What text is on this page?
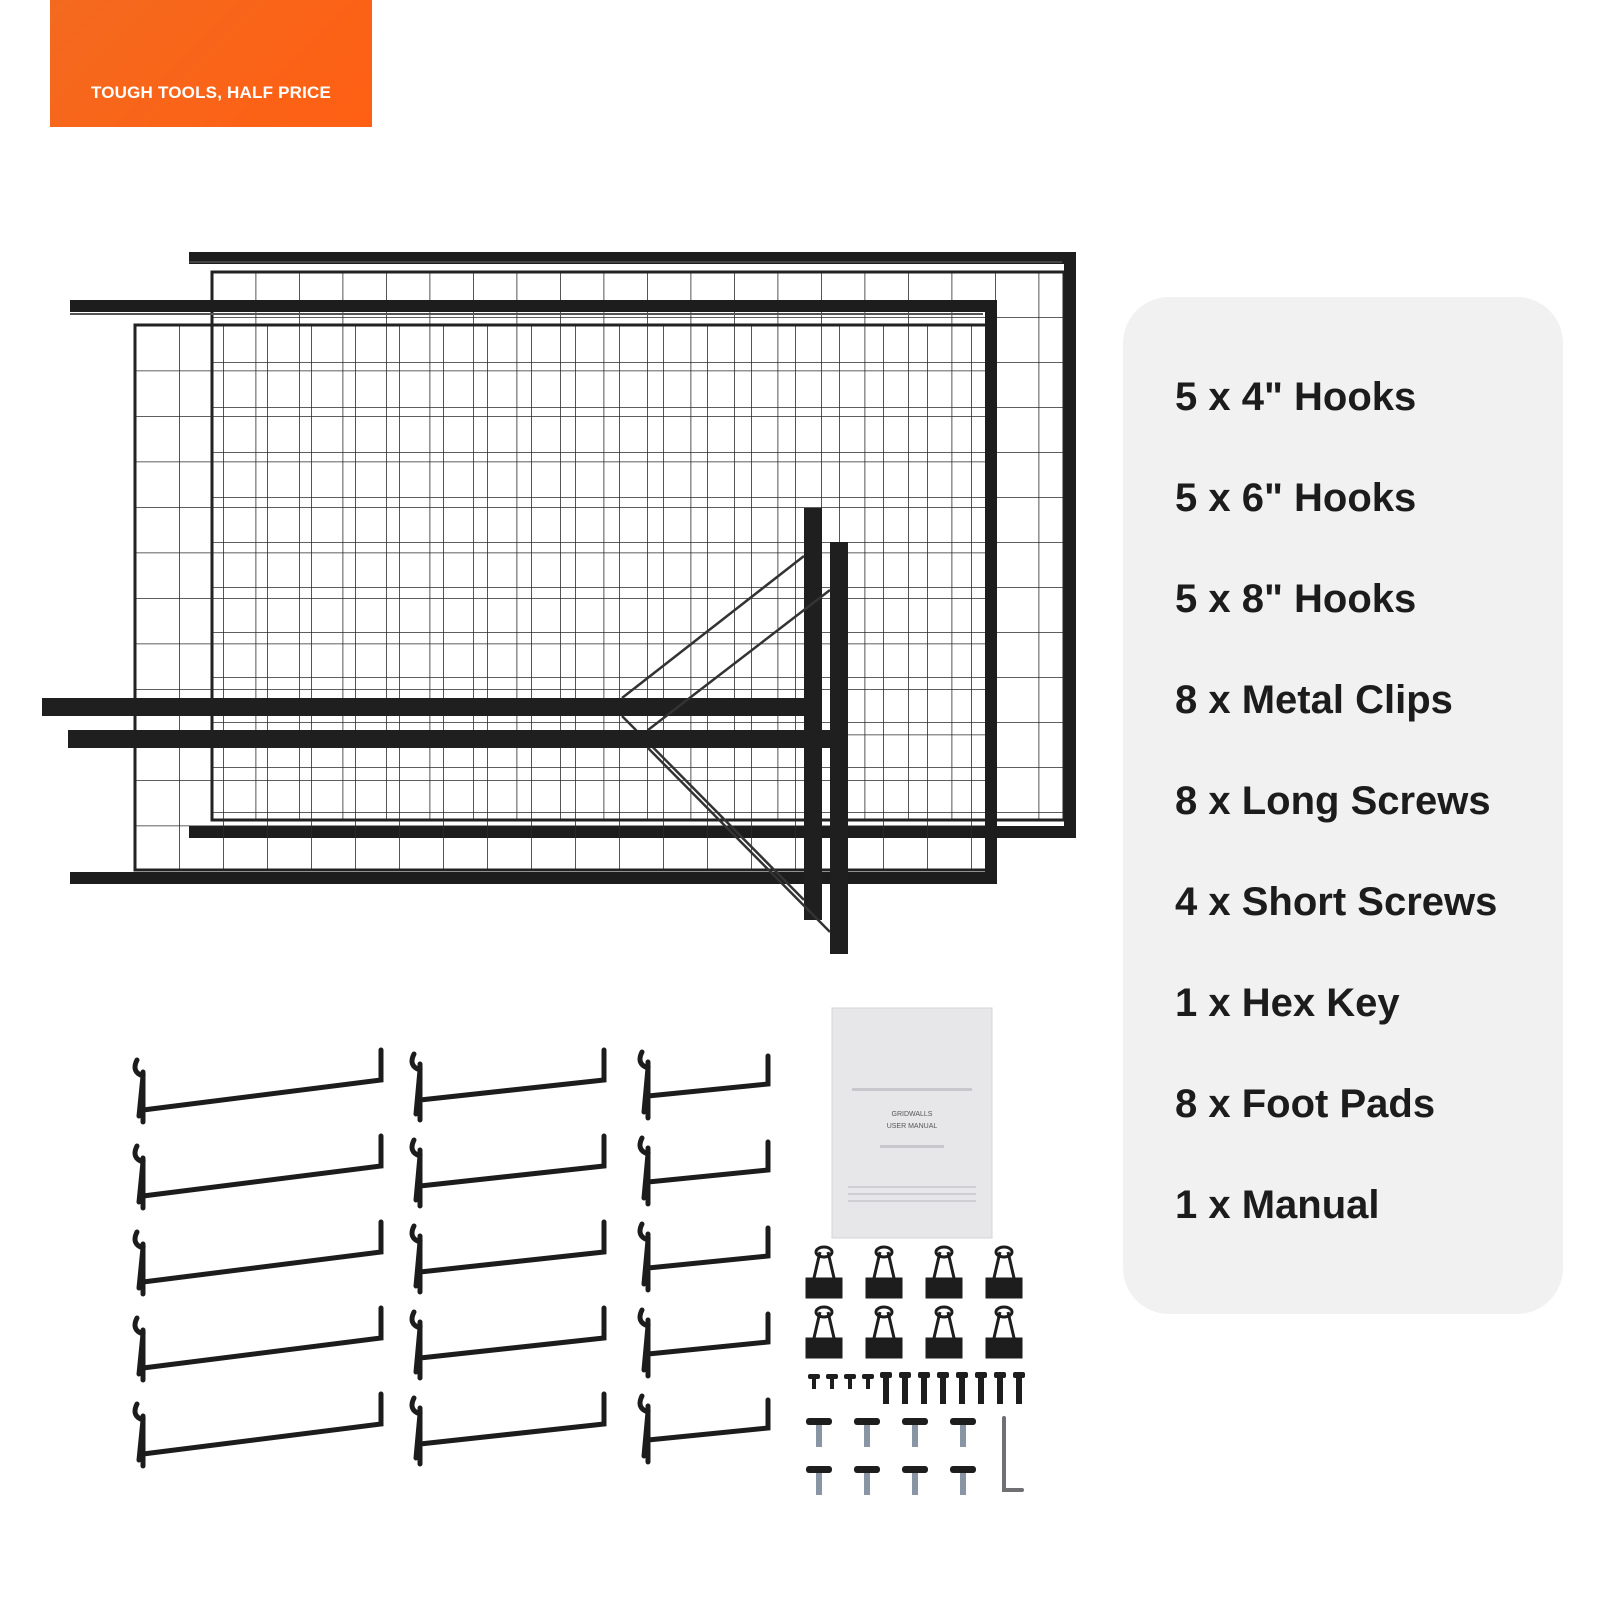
TOUGH TOOLS, HALF PRICE
GRIDWALLS
USER MANUAL
5 x 4" Hooks
5 x 6" Hooks
5 x 8" Hooks
8 x Metal Clips
8 x Long Screws
4 x Short Screws
1 x Hex Key
8 x Foot Pads
1 x Manual
